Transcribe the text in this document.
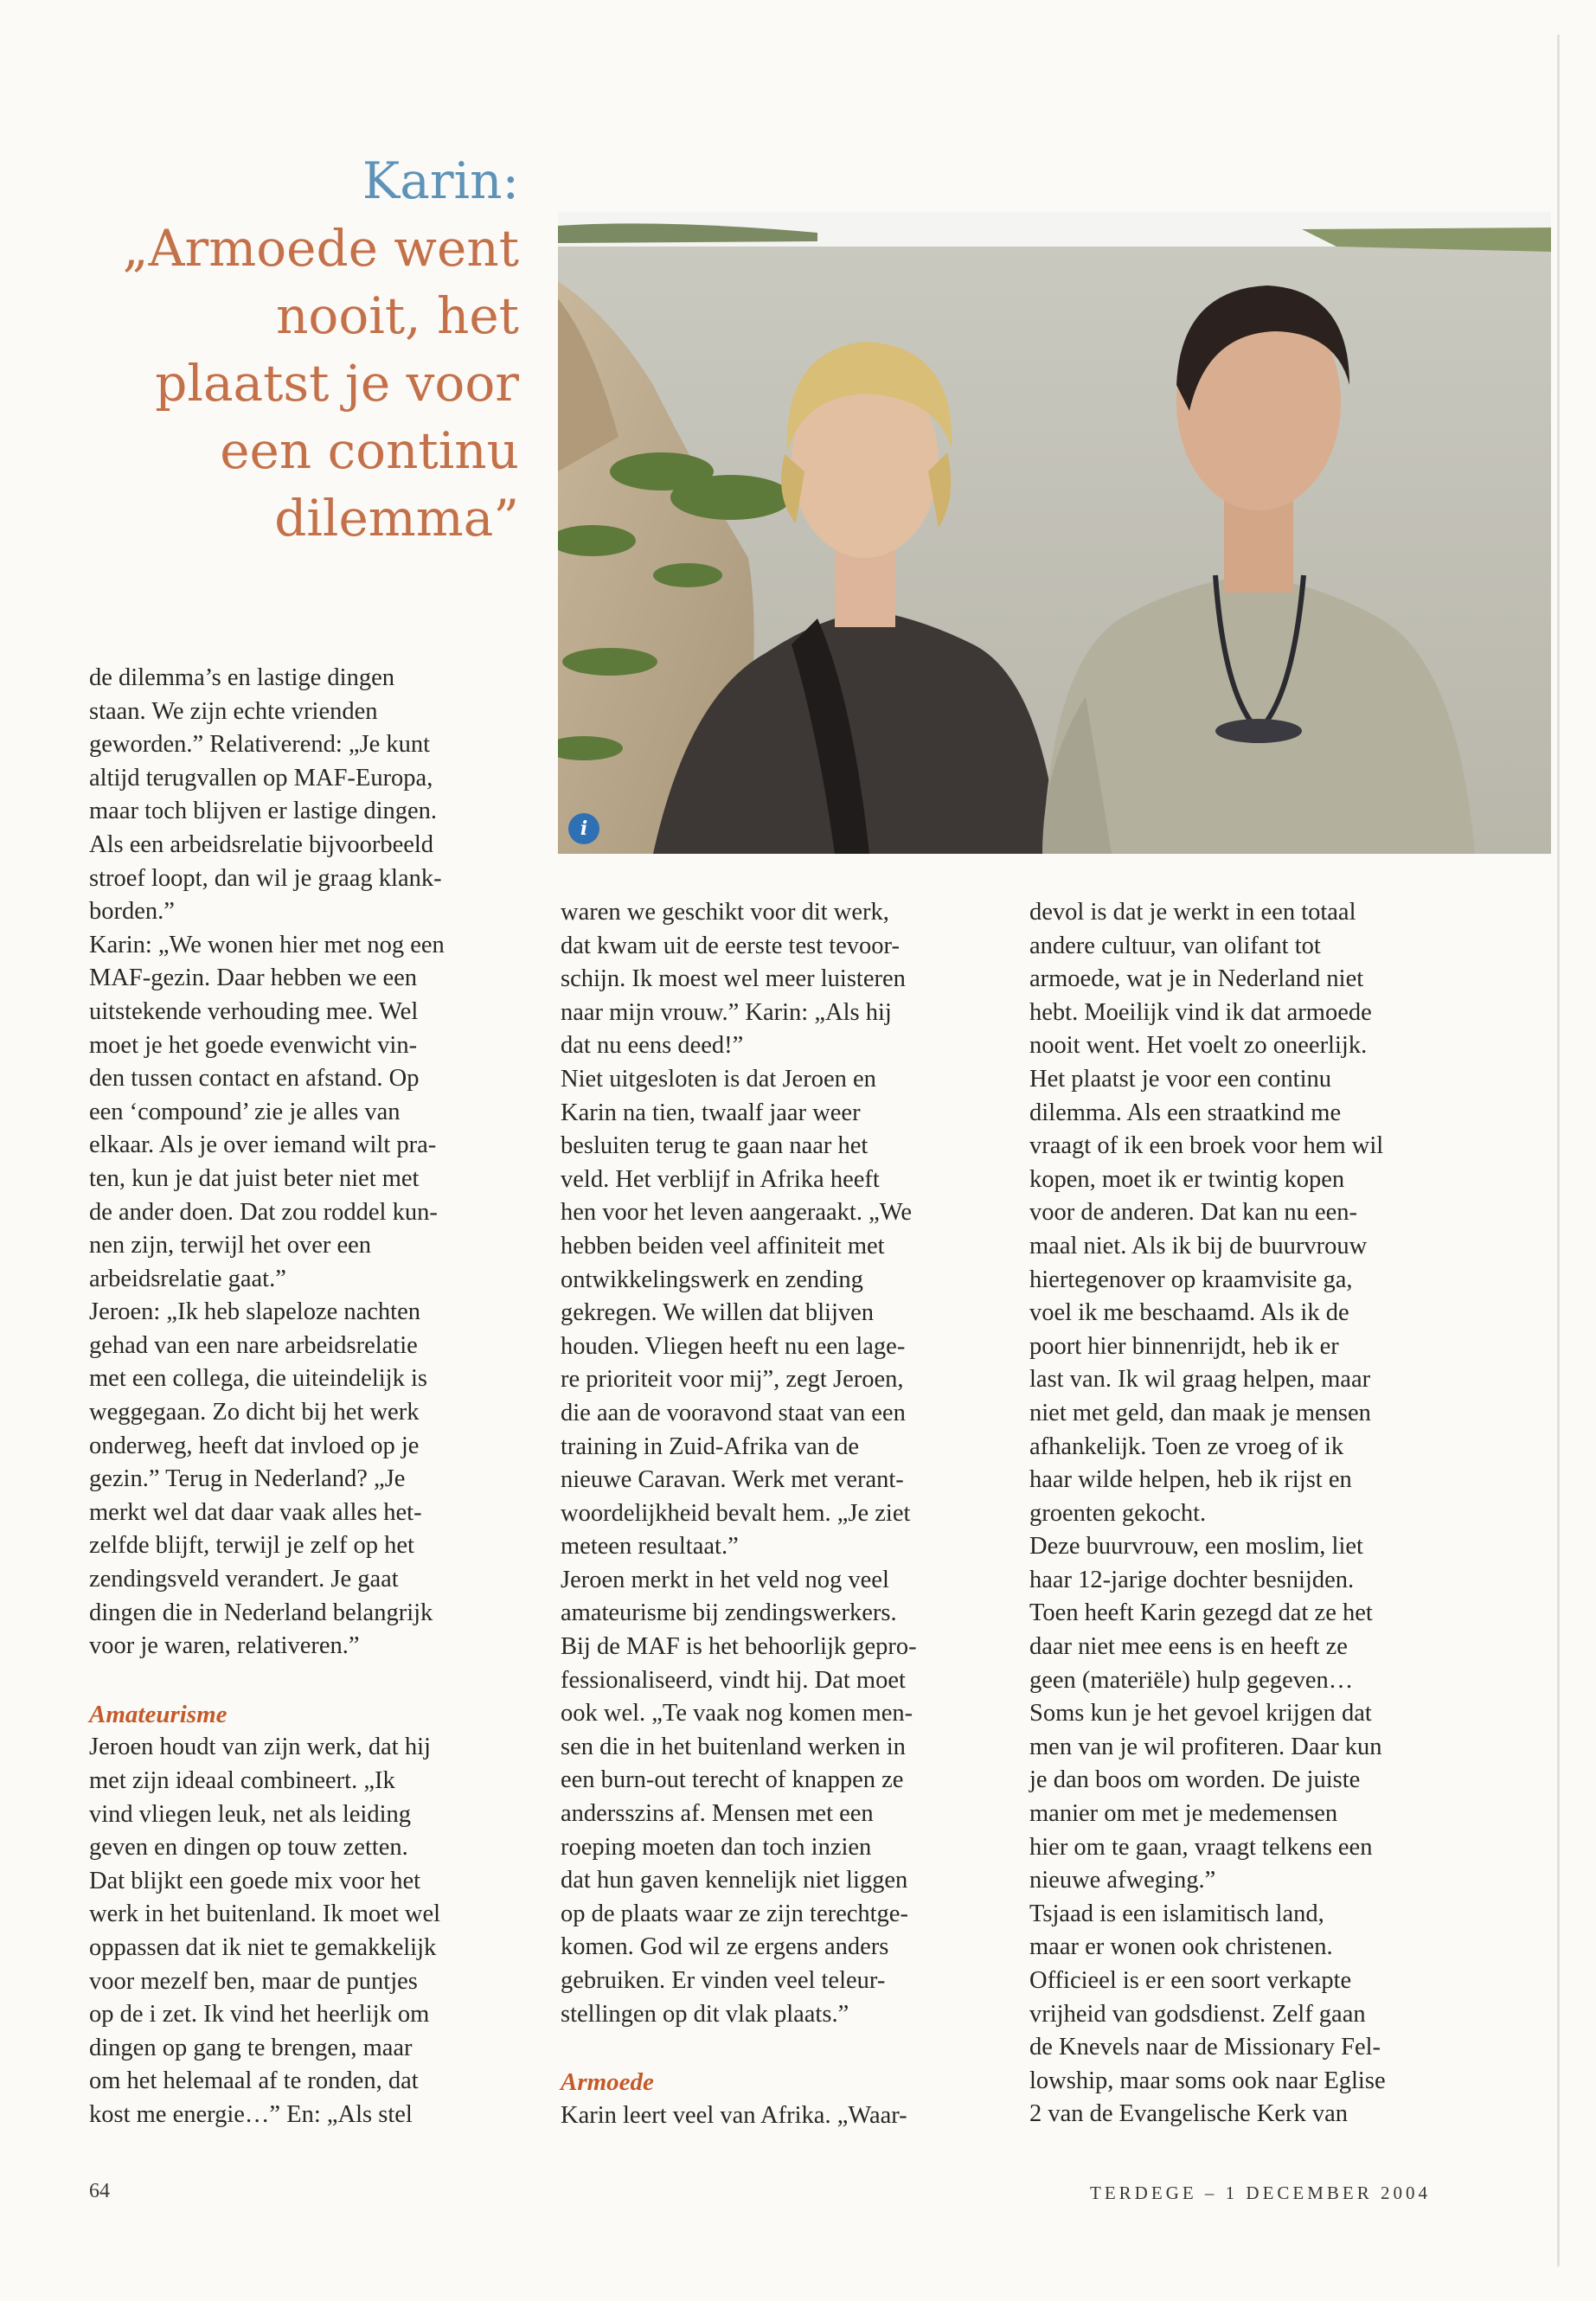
Karin:
„Armoede went
nooit, het
plaatst je voor
een continu
dilemma”
i

de dilemma’s en lastige dingen
staan. We zijn echte vrienden
geworden.” Relativerend: „Je kunt
altijd terugvallen op MAF-Europa,
maar toch blijven er lastige dingen.
Als een arbeidsrelatie bijvoorbeeld
stroef loopt, dan wil je graag klank-
borden.”

Karin: „We wonen hier met nog een
MAF-gezin. Daar hebben we een
uitstekende verhouding mee. Wel
moet je het goede evenwicht vin-
den tussen contact en afstand. Op
een ‘compound’ zie je alles van
elkaar. Als je over iemand wilt pra-
ten, kun je dat juist beter niet met
de ander doen. Dat zou roddel kun-
nen zijn, terwijl het over een
arbeidsrelatie gaat.”

Jeroen: „Ik heb slapeloze nachten
gehad van een nare arbeidsrelatie
met een collega, die uiteindelijk is
weggegaan. Zo dicht bij het werk
onderweg, heeft dat invloed op je
gezin.” Terug in Nederland? „Je
merkt wel dat daar vaak alles het-
zelfde blijft, terwijl je zelf op het
zendingsveld verandert. Je gaat
dingen die in Nederland belangrijk
voor je waren, relativeren.”

Amateurisme

Jeroen houdt van zijn werk, dat hij
met zijn ideaal combineert. „Ik
vind vliegen leuk, net als leiding
geven en dingen op touw zetten.
Dat blijkt een goede mix voor het
werk in het buitenland. Ik moet wel
oppassen dat ik niet te gemakkelijk
voor mezelf ben, maar de puntjes
op de i zet. Ik vind het heerlijk om
dingen op gang te brengen, maar
om het helemaal af te ronden, dat
kost me energie…” En: „Als stel

waren we geschikt voor dit werk,
dat kwam uit de eerste test tevoor-
schijn. Ik moest wel meer luisteren
naar mijn vrouw.” Karin: „Als hij
dat nu eens deed!”

Niet uitgesloten is dat Jeroen en
Karin na tien, twaalf jaar weer
besluiten terug te gaan naar het
veld. Het verblijf in Afrika heeft
hen voor het leven aangeraakt. „We
hebben beiden veel affiniteit met
ontwikkelingswerk en zending
gekregen. We willen dat blijven
houden. Vliegen heeft nu een lage-
re prioriteit voor mij”, zegt Jeroen,
die aan de vooravond staat van een
training in Zuid-Afrika van de
nieuwe Caravan. Werk met verant-
woordelijkheid bevalt hem. „Je ziet
meteen resultaat.”

Jeroen merkt in het veld nog veel
amateurisme bij zendingswerkers.
Bij de MAF is het behoorlijk gepro-
fessionaliseerd, vindt hij. Dat moet
ook wel. „Te vaak nog komen men-
sen die in het buitenland werken in
een burn-out terecht of knappen ze
andersszins af. Mensen met een
roeping moeten dan toch inzien
dat hun gaven kennelijk niet liggen
op de plaats waar ze zijn terechtge-
komen. God wil ze ergens anders
gebruiken. Er vinden veel teleur-
stellingen op dit vlak plaats.”

Armoede

Karin leert veel van Afrika. „Waar-

devol is dat je werkt in een totaal
andere cultuur, van olifant tot
armoede, wat je in Nederland niet
hebt. Moeilijk vind ik dat armoede
nooit went. Het voelt zo oneerlijk.
Het plaatst je voor een continu
dilemma. Als een straatkind me
vraagt of ik een broek voor hem wil
kopen, moet ik er twintig kopen
voor de anderen. Dat kan nu een-
maal niet. Als ik bij de buurvrouw
hiertegenover op kraamvisite ga,
voel ik me beschaamd. Als ik de
poort hier binnenrijdt, heb ik er
last van. Ik wil graag helpen, maar
niet met geld, dan maak je mensen
afhankelijk. Toen ze vroeg of ik
haar wilde helpen, heb ik rijst en
groenten gekocht.

Deze buurvrouw, een moslim, liet
haar 12-jarige dochter besnijden.
Toen heeft Karin gezegd dat ze het
daar niet mee eens is en heeft ze
geen (materiële) hulp gegeven…
Soms kun je het gevoel krijgen dat
men van je wil profiteren. Daar kun
je dan boos om worden. De juiste
manier om met je medemensen
hier om te gaan, vraagt telkens een
nieuwe afweging.”

Tsjaad is een islamitisch land,
maar er wonen ook christenen.
Officieel is er een soort verkapte
vrijheid van godsdienst. Zelf gaan
de Knevels naar de Missionary Fel-
lowship, maar soms ook naar Eglise
2 van de Evangelische Kerk van

64	TERDEGE – 1 DECEMBER 2004
